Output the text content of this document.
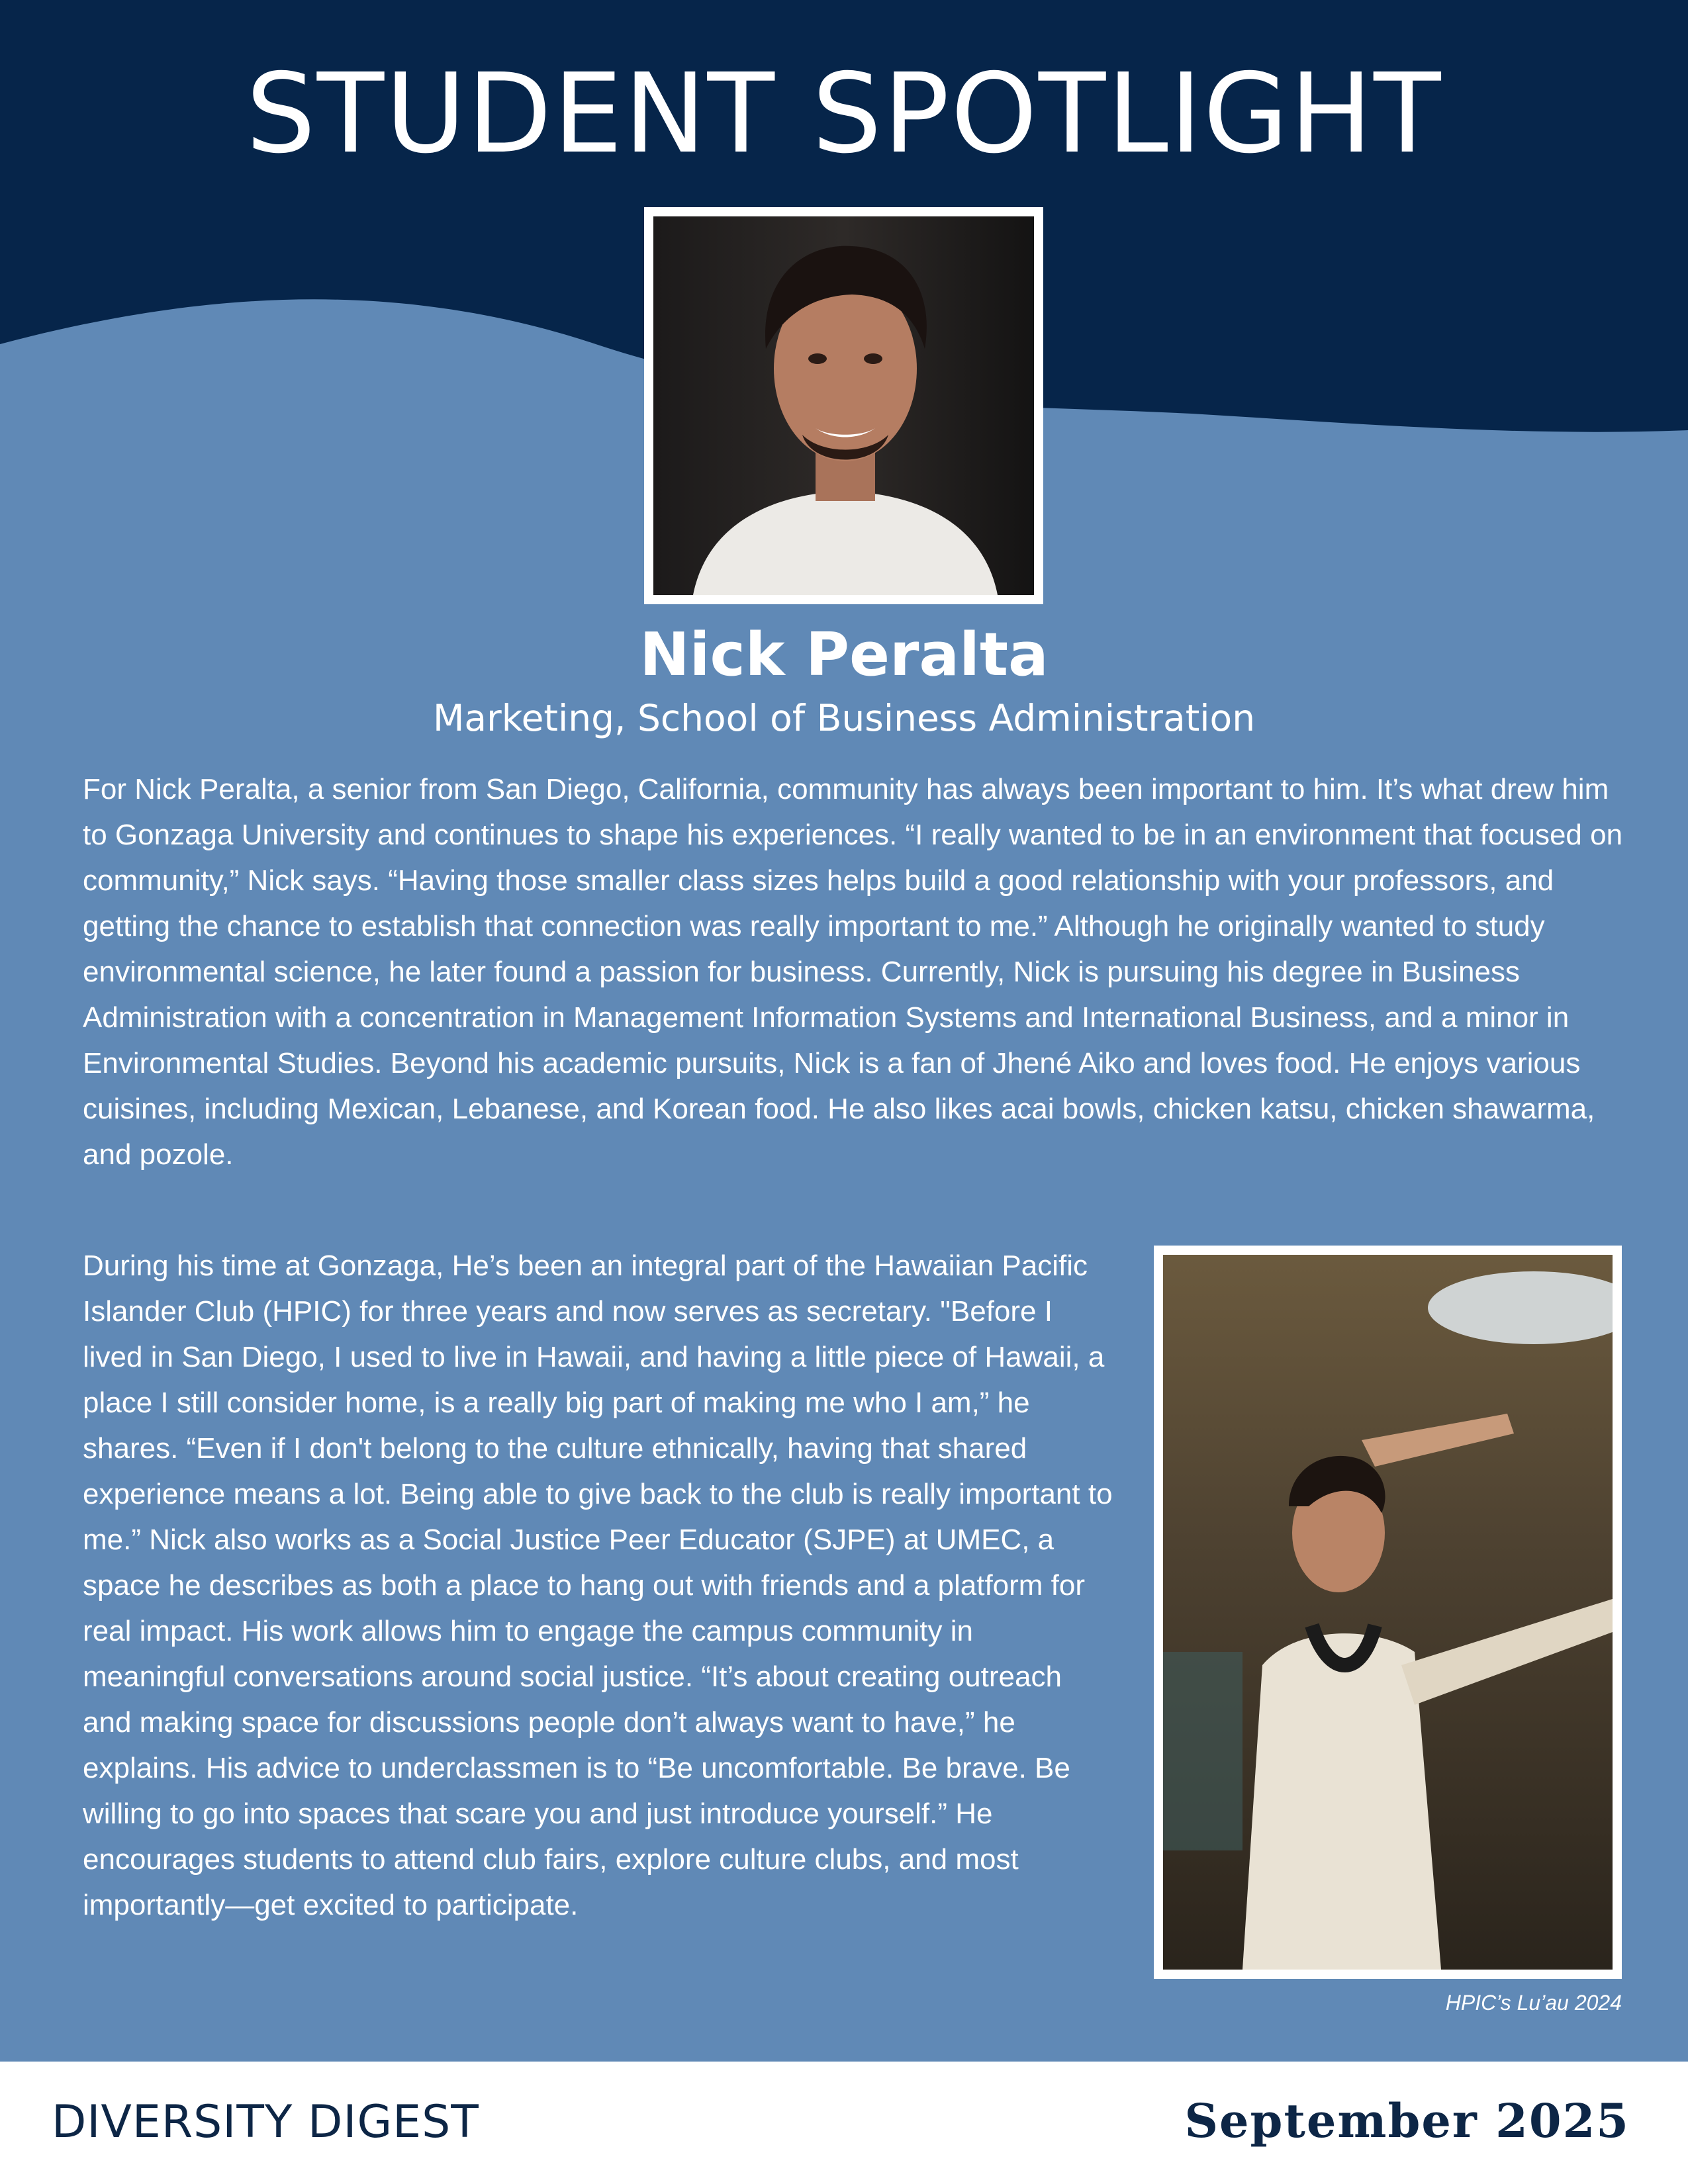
STUDENT SPOTLIGHT
Nick Peralta
Marketing, School of Business Administration

For Nick Peralta, a senior from San Diego, California, community has always been important to him. It’s what drew him to Gonzaga University and continues to shape his experiences. “I really wanted to be in an environment that focused on community,” Nick says. “Having those smaller class sizes helps build a good relationship with your professors, and getting the chance to establish that connection was really important to me.” Although he originally wanted to study environmental science, he later found a passion for business. Currently, Nick is pursuing his degree in Business Administration with a concentration in Management Information Systems and International Business, and a minor in Environmental Studies. Beyond his academic pursuits, Nick is a fan of Jhené Aiko and loves food. He enjoys various cuisines, including Mexican, Lebanese, and Korean food. He also likes acai bowls, chicken katsu, chicken shawarma, and pozole.

During his time at Gonzaga, He’s been an integral part of the Hawaiian Pacific Islander Club (HPIC) for three years and now serves as secretary. "Before I lived in San Diego, I used to live in Hawaii, and having a little piece of Hawaii, a place I still consider home, is a really big part of making me who I am,” he shares. “Even if I don't belong to the culture ethnically, having that shared experience means a lot. Being able to give back to the club is really important to me.” Nick also works as a Social Justice Peer Educator (SJPE) at UMEC, a space he describes as both a place to hang out with friends and a platform for real impact. His work allows him to engage the campus community in meaningful conversations around social justice. “It’s about creating outreach and making space for discussions people don’t always want to have,” he explains. His advice to underclassmen is to “Be uncomfortable. Be brave. Be willing to go into spaces that scare you and just introduce yourself.” He encourages students to attend club fairs, explore culture clubs, and most importantly—get excited to participate.

HPIC’s Lu’au 2024
DIVERSITY DIGEST	September 2025
